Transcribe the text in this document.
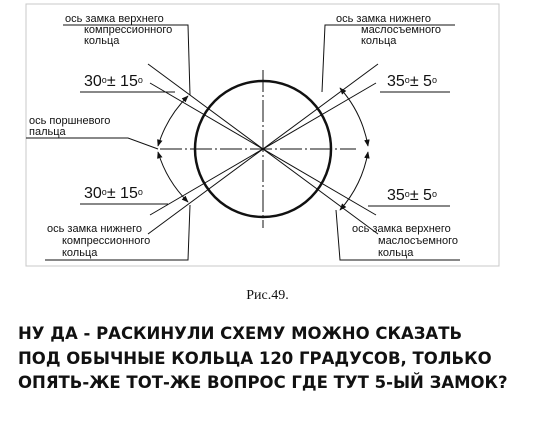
ось замка верхнего
компрессионного
кольца
ось замка нижнего
маслосъемного
кольца
ось поршневого
пальца
ось замка нижнего
компрессионного
кольца
ось замка верхнего
маслосъемного
кольца
$30^o\pm 15^o$
$30^o\pm 15^o$
$35^o\pm 5^o$
$35^o\pm 5^o$
Рис.49.
НУ ДА - РАСКИНУЛИ СХЕМУ МОЖНО СКАЗАТЬ
ПОД ОБЫЧНЫЕ КОЛЬЦА 120 ГРАДУСОВ, ТОЛЬКО
ОПЯТЬ-ЖЕ ТОТ-ЖЕ ВОПРОС ГДЕ ТУТ 5-ЫЙ ЗАМОК?
